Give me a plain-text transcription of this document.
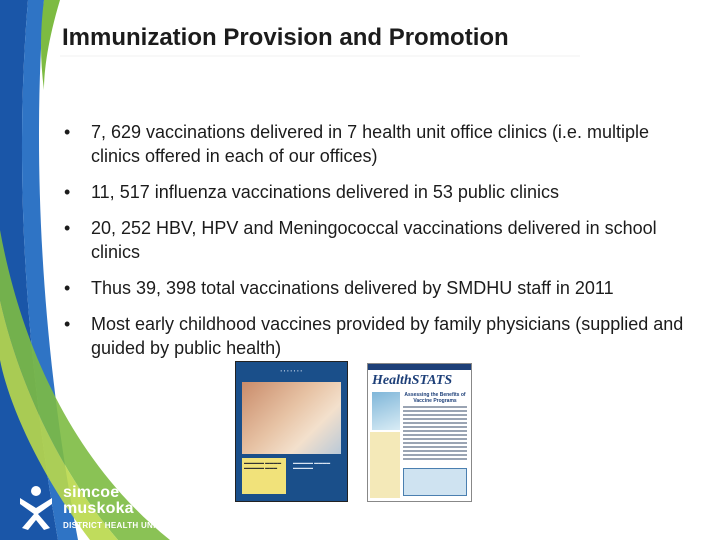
Immunization Provision and Promotion
• 7, 629 vaccinations delivered in 7 health unit office clinics (i.e. multiple clinics offered in each of our offices)
• 11, 517 influenza vaccinations delivered in 53 public clinics
• 20, 252 HBV, HPV and Meningococcal vaccinations delivered in school clinics
• Thus 39, 398 total vaccinations delivered by SMDHU staff in 2011
• Most early childhood vaccines provided by family physicians (supplied and guided by public health)
▪ ▪ ▪ ▪ ▪ ▪ ▪
▬▬▬▬▬ ▬▬▬▬ ▬▬▬▬▬ ▬▬▬
▬▬▬▬▬ ▬▬▬▬ ▬▬▬▬▬
HealthSTATS
Assessing the Benefits of Vaccine Programs
simcoe
muskoka
DISTRICT HEALTH UNIT
